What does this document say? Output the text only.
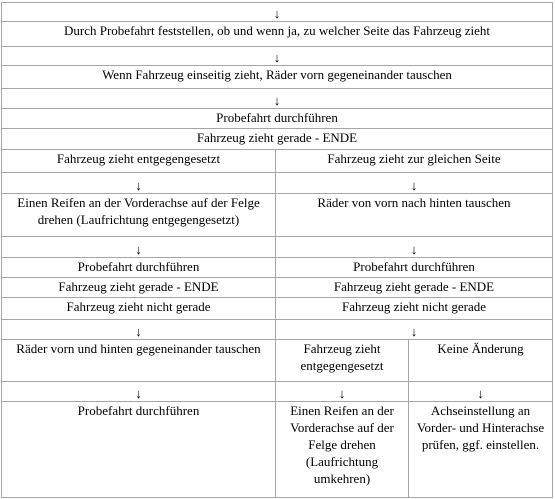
↓		
Durch Probefahrt feststellen, ob und wenn ja, zu welcher Seite das Fahrzeug zieht		
↓		
Wenn Fahrzeug einseitig zieht, Räder vorn gegeneinander tauschen		
↓		
Probefahrt durchführen		
Fahrzeug zieht gerade - ENDE		
Fahrzeug zieht entgegengesetzt	Fahrzeug zieht zur gleichen Seite	
↓	↓	
Einen Reifen an der Vorderachse auf der Felge drehen (Laufrichtung entgegengesetzt)	Räder von vorn nach hinten tauschen	
↓	↓	
Probefahrt durchführen	Probefahrt durchführen	
Fahrzeug zieht gerade - ENDE	Fahrzeug zieht gerade - ENDE	
Fahrzeug zieht nicht gerade	Fahrzeug zieht nicht gerade	
↓	↓	
Räder vorn und hinten gegeneinander tauschen	Fahrzeug zieht entgegengesetzt	Keine Änderung
↓	↓	↓
Probefahrt durchführen	Einen Reifen an der Vorderachse auf der Felge drehen (Laufrichtung umkehren)	Achseinstellung an Vorder- und Hinterachse prüfen, ggf. einstellen.
